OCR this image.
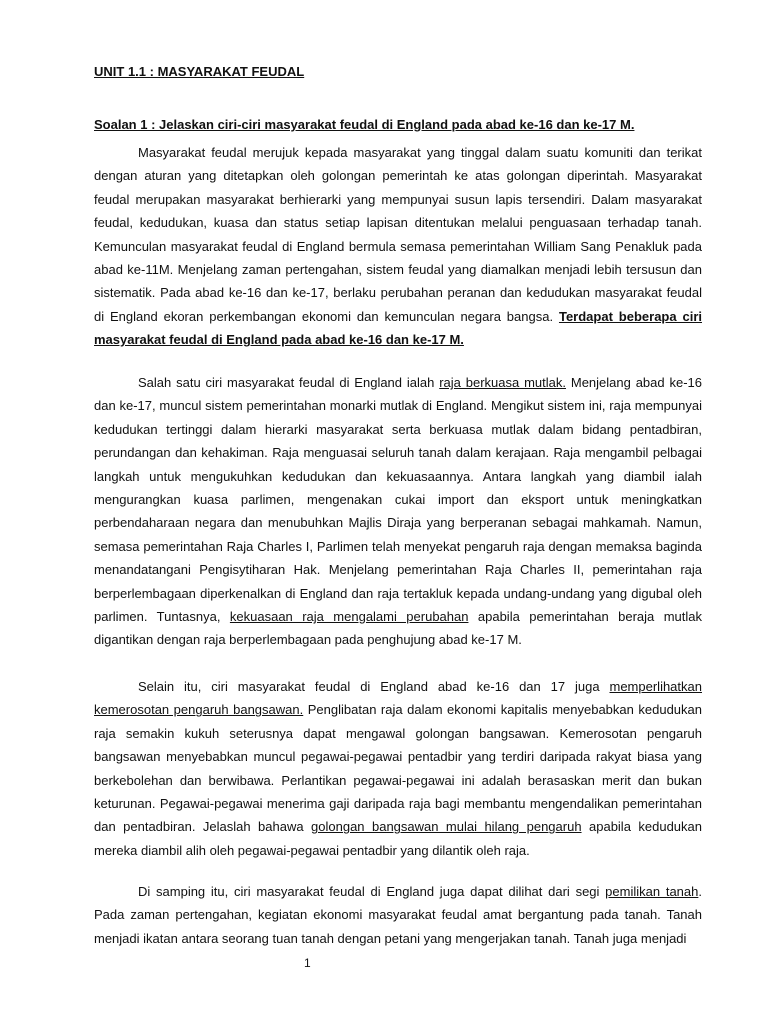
UNIT 1.1 : MASYARAKAT FEUDAL
Soalan 1 : Jelaskan ciri-ciri masyarakat feudal di England pada abad ke-16 dan ke-17 M.

Masyarakat feudal merujuk kepada masyarakat yang tinggal dalam suatu komuniti dan terikat dengan aturan yang ditetapkan oleh golongan pemerintah ke atas golongan diperintah. Masyarakat feudal merupakan masyarakat berhierarki yang mempunyai susun lapis tersendiri. Dalam masyarakat feudal, kedudukan, kuasa dan status setiap lapisan ditentukan melalui penguasaan terhadap tanah. Kemunculan masyarakat feudal di England bermula semasa pemerintahan William Sang Penakluk pada abad ke-11M. Menjelang zaman pertengahan, sistem feudal yang diamalkan menjadi lebih tersusun dan sistematik. Pada abad ke-16 dan ke-17, berlaku perubahan peranan dan kedudukan masyarakat feudal di England ekoran perkembangan ekonomi dan kemunculan negara bangsa. Terdapat beberapa ciri masyarakat feudal di England pada abad ke-16 dan ke-17 M.

Salah satu ciri masyarakat feudal di England ialah raja berkuasa mutlak. Menjelang abad ke-16 dan ke-17, muncul sistem pemerintahan monarki mutlak di England. Mengikut sistem ini, raja mempunyai kedudukan tertinggi dalam hierarki masyarakat serta berkuasa mutlak dalam bidang pentadbiran, perundangan dan kehakiman. Raja menguasai seluruh tanah dalam kerajaan. Raja mengambil pelbagai langkah untuk mengukuhkan kedudukan dan kekuasaannya. Antara langkah yang diambil ialah mengurangkan kuasa parlimen, mengenakan cukai import dan eksport untuk meningkatkan perbendaharaan negara dan menubuhkan Majlis Diraja yang berperanan sebagai mahkamah. Namun, semasa pemerintahan Raja Charles I, Parlimen telah menyekat pengaruh raja dengan memaksa baginda menandatangani Pengisytiharan Hak. Menjelang pemerintahan Raja Charles II, pemerintahan raja berperlembagaan diperkenalkan di England dan raja tertakluk kepada undang-undang yang digubal oleh parlimen. Tuntasnya, kekuasaan raja mengalami perubahan apabila pemerintahan beraja mutlak digantikan dengan raja berperlembagaan pada penghujung abad ke-17 M.

Selain itu, ciri masyarakat feudal di England abad ke-16 dan 17 juga memperlihatkan kemerosotan pengaruh bangsawan. Penglibatan raja dalam ekonomi kapitalis menyebabkan kedudukan raja semakin kukuh seterusnya dapat mengawal golongan bangsawan. Kemerosotan pengaruh bangsawan menyebabkan muncul pegawai-pegawai pentadbir yang terdiri daripada rakyat biasa yang berkebolehan dan berwibawa. Perlantikan pegawai-pegawai ini adalah berasaskan merit dan bukan keturunan. Pegawai-pegawai menerima gaji daripada raja bagi membantu mengendalikan pemerintahan dan pentadbiran. Jelaslah bahawa golongan bangsawan mulai hilang pengaruh apabila kedudukan mereka diambil alih oleh pegawai-pegawai pentadbir yang dilantik oleh raja.

Di samping itu, ciri masyarakat feudal di England juga dapat dilihat dari segi pemilikan tanah. Pada zaman pertengahan, kegiatan ekonomi masyarakat feudal amat bergantung pada tanah. Tanah menjadi ikatan antara seorang tuan tanah dengan petani yang mengerjakan tanah. Tanah juga menjadi

1
